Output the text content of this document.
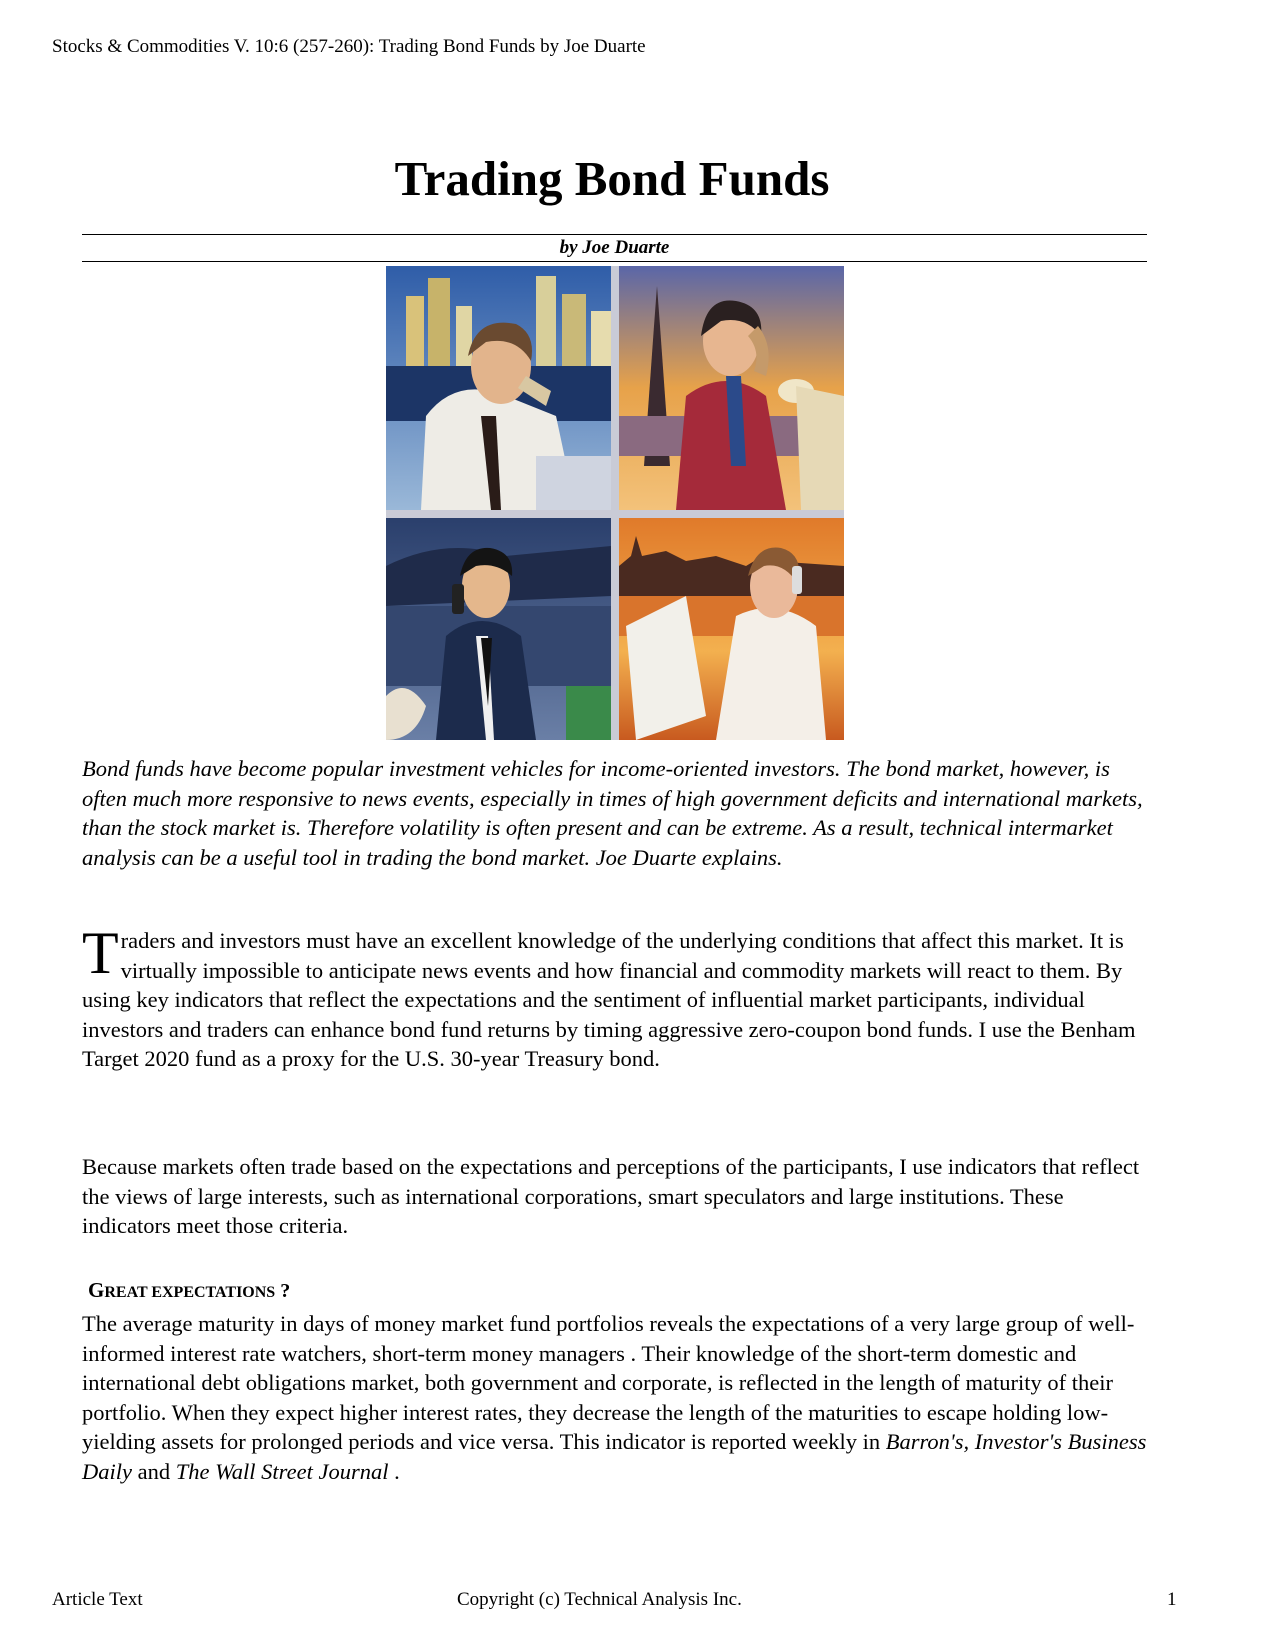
Stocks & Commodities V. 10:6 (257-260): Trading Bond Funds by Joe Duarte
Trading Bond Funds
by Joe Duarte
Bond funds have become popular investment vehicles for income-oriented investors. The bond market, however, is often much more responsive to news events, especially in times of high government deficits and international markets, than the stock market is. Therefore volatility is often present and can be extreme. As a result, technical intermarket analysis can be a useful tool in trading the bond market. Joe Duarte explains.
Traders and investors must have an excellent knowledge of the underlying conditions that affect this market. It is virtually impossible to anticipate news events and how financial and commodity markets will react to them. By using key indicators that reflect the expectations and the sentiment of influential market participants, individual investors and traders can enhance bond fund returns by timing aggressive zero-coupon bond funds. I use the Benham Target 2020 fund as a proxy for the U.S. 30-year Treasury bond.
Because markets often trade based on the expectations and perceptions of the participants, I use indicators that reflect the views of large interests, such as international corporations, smart speculators and large institutions. These indicators meet those criteria.
GREAT EXPECTATIONS ?
The average maturity in days of money market fund portfolios reveals the expectations of a very large group of well-informed interest rate watchers, short-term money managers . Their knowledge of the short-term domestic and international debt obligations market, both government and corporate, is reflected in the length of maturity of their portfolio. When they expect higher interest rates, they decrease the length of the maturities to escape holding low-yielding assets for prolonged periods and vice versa. This indicator is reported weekly in Barron's, Investor's Business Daily and The Wall Street Journal .
Article Text	Copyright (c) Technical Analysis Inc.	1
